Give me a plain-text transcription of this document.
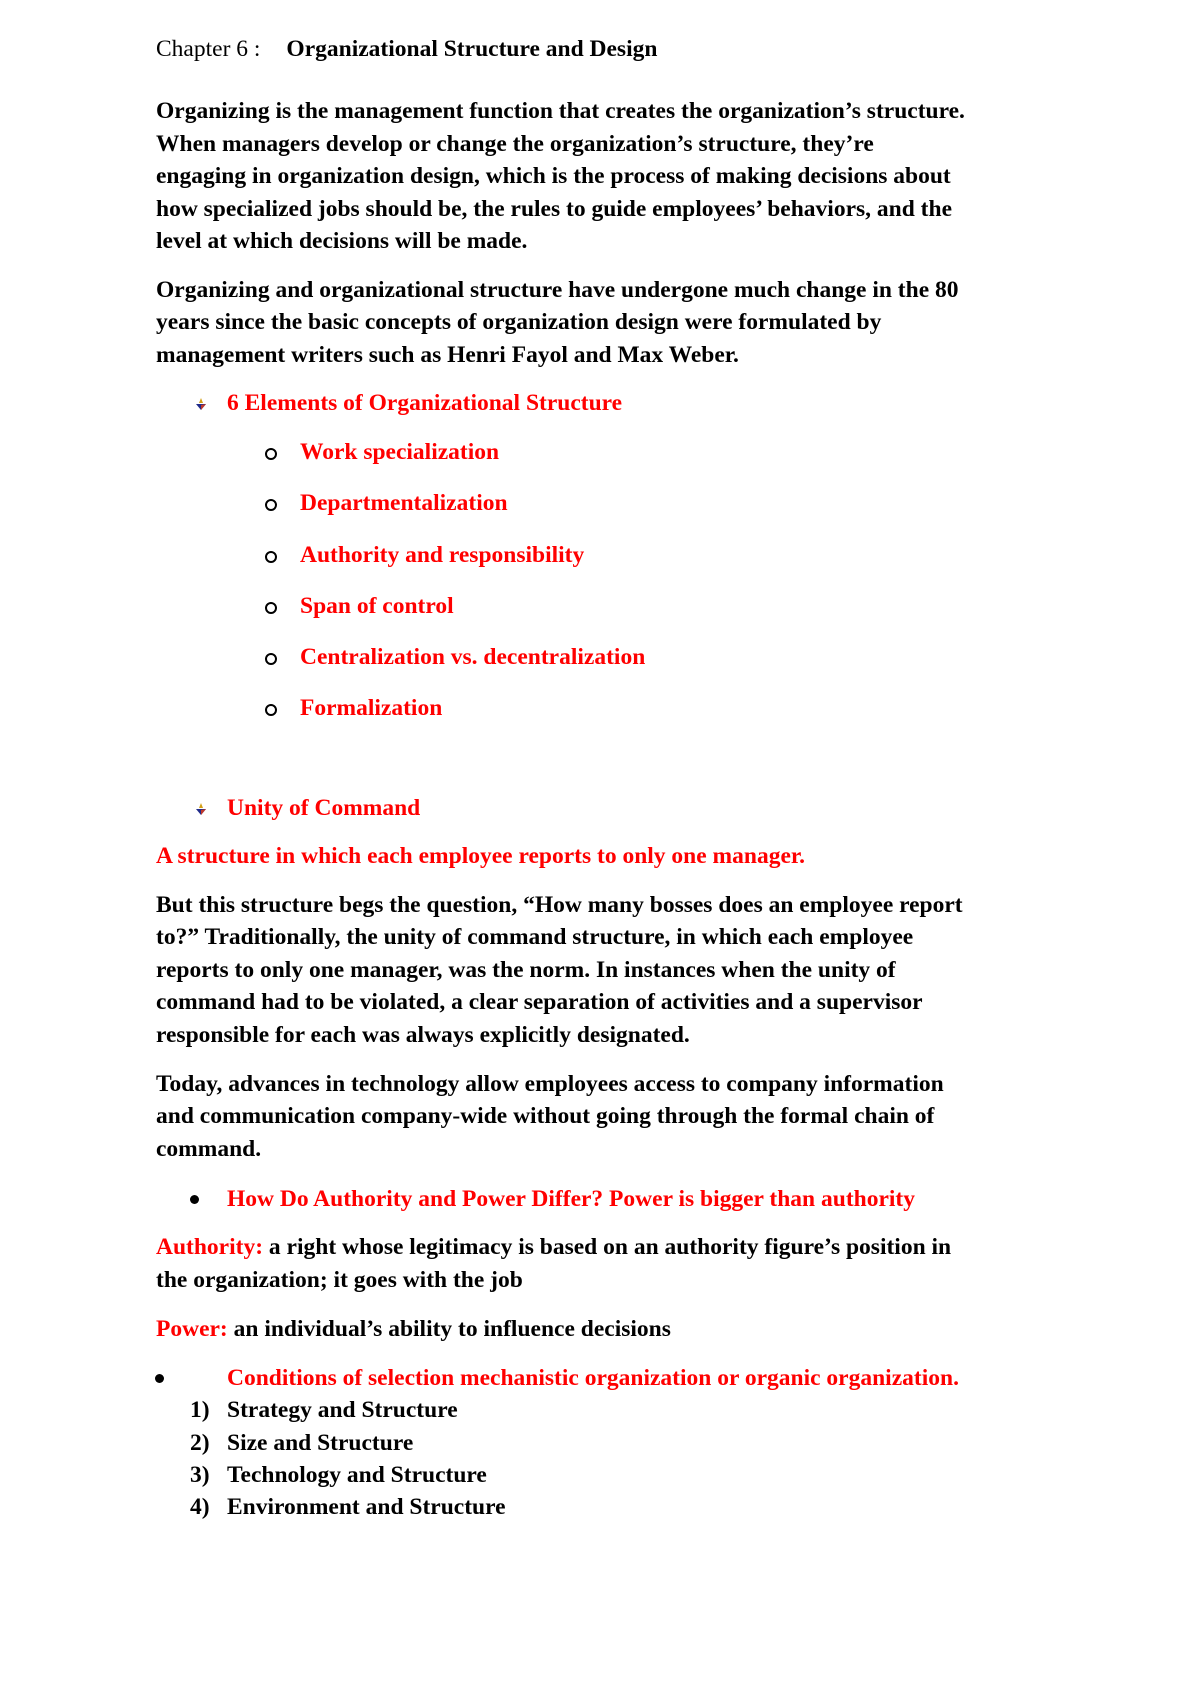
Chapter 6 : Organizational Structure and Design
Organizing is the management function that creates the organization’s structure.
When managers develop or change the organization’s structure, they’re
engaging in organization design, which is the process of making decisions about
how specialized jobs should be, the rules to guide employees’ behaviors, and the
level at which decisions will be made.
Organizing and organizational structure have undergone much change in the 80
years since the basic concepts of organization design were formulated by
management writers such as Henri Fayol and Max Weber.
6 Elements of Organizational Structure
Work specialization
Departmentalization
Authority and responsibility
Span of control
Centralization vs. decentralization
Formalization
Unity of Command
A structure in which each employee reports to only one manager.
But this structure begs the question, “How many bosses does an employee report
to?” Traditionally, the unity of command structure, in which each employee
reports to only one manager, was the norm. In instances when the unity of
command had to be violated, a clear separation of activities and a supervisor
responsible for each was always explicitly designated.
Today, advances in technology allow employees access to company information
and communication company-wide without going through the formal chain of
command.
How Do Authority and Power Differ? Power is bigger than authority
Authority: a right whose legitimacy is based on an authority figure’s position in
the organization; it goes with the job
Power: an individual’s ability to influence decisions
Conditions of selection mechanistic organization or organic organization.
1) Strategy and Structure
2) Size and Structure
3) Technology and Structure
4) Environment and Structure
